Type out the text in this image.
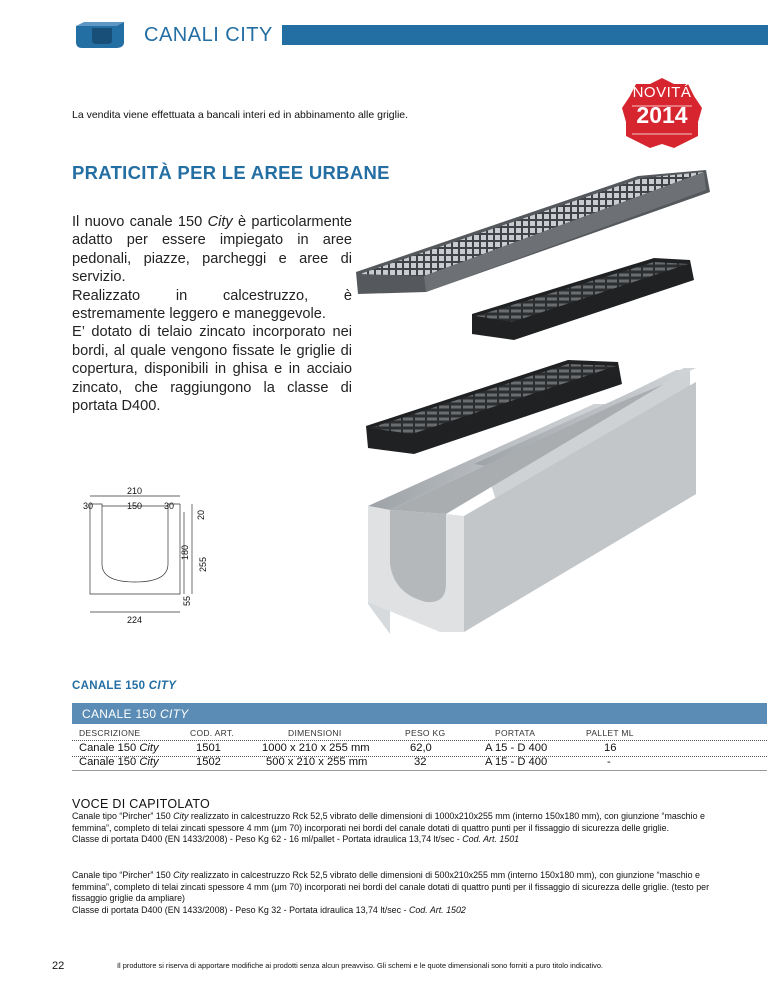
CANALI CITY
La vendita viene effettuata a bancali interi ed in abbinamento alle griglie.
NOVITÁ
2014
PRATICITÀ PER LE AREE URBANE
Il nuovo canale 150 City è particolarmente adatto per essere impiegato in aree pedonali, piazze, parcheggi e aree di servizio.
Realizzato in calcestruzzo, è estremamente leggero e maneggevole.
E’ dotato di telaio zincato incorporato nei bordi, al quale vengono fissate le griglie di copertura, disponibili in ghisa e in acciaio zincato, che raggiungono la classe di portata D400.
210
150
30	30
20
180
255
55
224
CANALE 150 CITY
CANALE 150 CITY
DESCRIZIONE	COD. ART.	DIMENSIONI	PESO KG	PORTATA	PALLET ML
Canale 150 City	1501	1000 x 210 x 255 mm	62,0	A 15 - D 400	16
Canale 150 City	1502	500 x 210 x 255 mm	32	A 15 - D 400	-
VOCE DI CAPITOLATO
Canale tipo “Pircher” 150 City realizzato in calcestruzzo Rck 52,5 vibrato delle dimensioni di 1000x210x255 mm (interno 150x180 mm), con giunzione “maschio e femmina”, completo di telai zincati spessore 4 mm (μm 70) incorporati nei bordi del canale dotati di quattro punti per il fissaggio di sicurezza delle griglie.
Classe di portata D400 (EN 1433/2008) - Peso Kg 62 - 16 ml/pallet - Portata idraulica 13,74 lt/sec - Cod. Art. 1501
Canale tipo “Pircher” 150 City realizzato in calcestruzzo Rck 52,5 vibrato delle dimensioni di 500x210x255 mm (interno 150x180 mm), con giunzione “maschio e femmina”, completo di telai zincati spessore 4 mm (μm 70) incorporati nei bordi del canale dotati di quattro punti per il fissaggio di sicurezza delle griglie. (testo per fissaggio griglie da ampliare)
Classe di portata D400 (EN 1433/2008) - Peso Kg 32 - Portata idraulica 13,74 lt/sec - Cod. Art. 1502
22	Il produttore si riserva di apportare modifiche ai prodotti senza alcun preavviso. Gli schemi e le quote dimensionali sono forniti a puro titolo indicativo.
